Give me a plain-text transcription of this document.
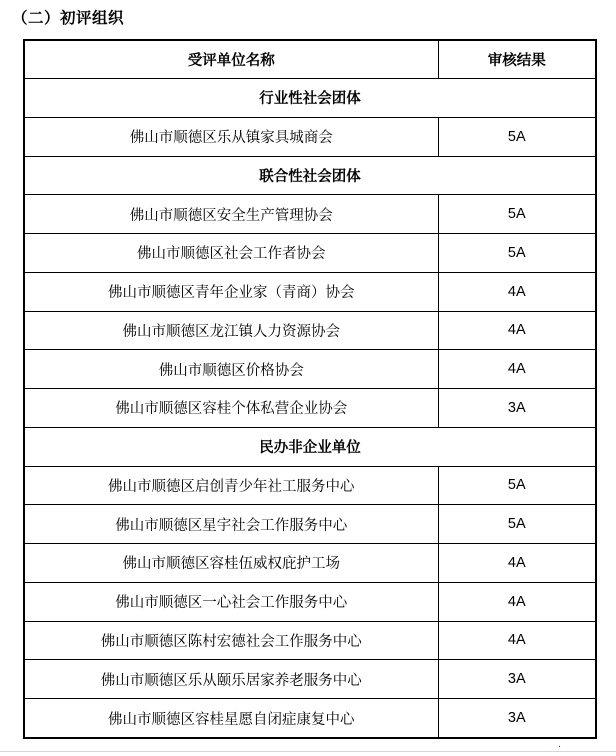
（二）初评组织
受评单位名称	审核结果
行业性社会团体	
佛山市顺德区乐从镇家具城商会	5A
联合性社会团体	
佛山市顺德区安全生产管理协会	5A
佛山市顺德区社会工作者协会	5A
佛山市顺德区青年企业家（青商）协会	4A
佛山市顺德区龙江镇人力资源协会	4A
佛山市顺德区价格协会	4A
佛山市顺德区容桂个体私营企业协会	3A
民办非企业单位	
佛山市顺德区启创青少年社工服务中心	5A
佛山市顺德区星宇社会工作服务中心	5A
佛山市顺德区容桂伍威权庇护工场	4A
佛山市顺德区一心社会工作服务中心	4A
佛山市顺德区陈村宏德社会工作服务中心	4A
佛山市顺德区乐从颐乐居家养老服务中心	3A
佛山市顺德区容桂星愿自闭症康复中心	3A
.
